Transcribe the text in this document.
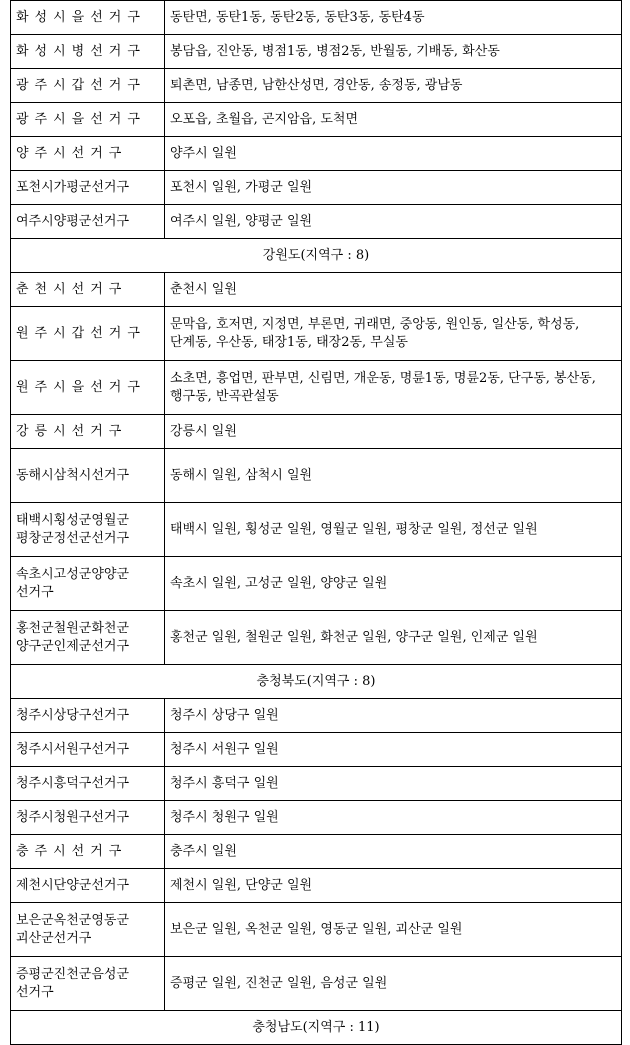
화성시을선거구	동탄면, 동탄1동, 동탄2동, 동탄3동, 동탄4동
화성시병선거구	봉담읍, 진안동, 병점1동, 병점2동, 반월동, 기배동, 화산동
광주시갑선거구	퇴촌면, 남종면, 남한산성면, 경안동, 송정동, 광남동
광주시을선거구	오포읍, 초월읍, 곤지암읍, 도척면
양주시선거구	양주시 일원
포천시가평군선거구	포천시 일원, 가평군 일원
여주시양평군선거구	여주시 일원, 양평군 일원
강원도(지역구 : 8)	
춘천시선거구	춘천시 일원
원주시갑선거구	문막읍, 호저면, 지정면, 부론면, 귀래면, 중앙동, 원인동, 일산동, 학성동, 단계동, 우산동, 태장1동, 태장2동, 무실동
원주시을선거구	소초면, 흥업면, 판부면, 신림면, 개운동, 명륜1동, 명륜2동, 단구동, 봉산동, 행구동, 반곡관설동
강릉시선거구	강릉시 일원
동해시삼척시선거구	동해시 일원, 삼척시 일원
태백시횡성군영월군
평창군정선군선거구	태백시 일원, 횡성군 일원, 영월군 일원, 평창군 일원, 정선군 일원
속초시고성군양양군
선거구	속초시 일원, 고성군 일원, 양양군 일원
홍천군철원군화천군
양구군인제군선거구	홍천군 일원, 철원군 일원, 화천군 일원, 양구군 일원, 인제군 일원
충청북도(지역구 : 8)	
청주시상당구선거구	청주시 상당구 일원
청주시서원구선거구	청주시 서원구 일원
청주시흥덕구선거구	청주시 흥덕구 일원
청주시청원구선거구	청주시 청원구 일원
충주시선거구	충주시 일원
제천시단양군선거구	제천시 일원, 단양군 일원
보은군옥천군영동군
괴산군선거구	보은군 일원, 옥천군 일원, 영동군 일원, 괴산군 일원
증평군진천군음성군
선거구	증평군 일원, 진천군 일원, 음성군 일원
충청남도(지역구 : 11)	
